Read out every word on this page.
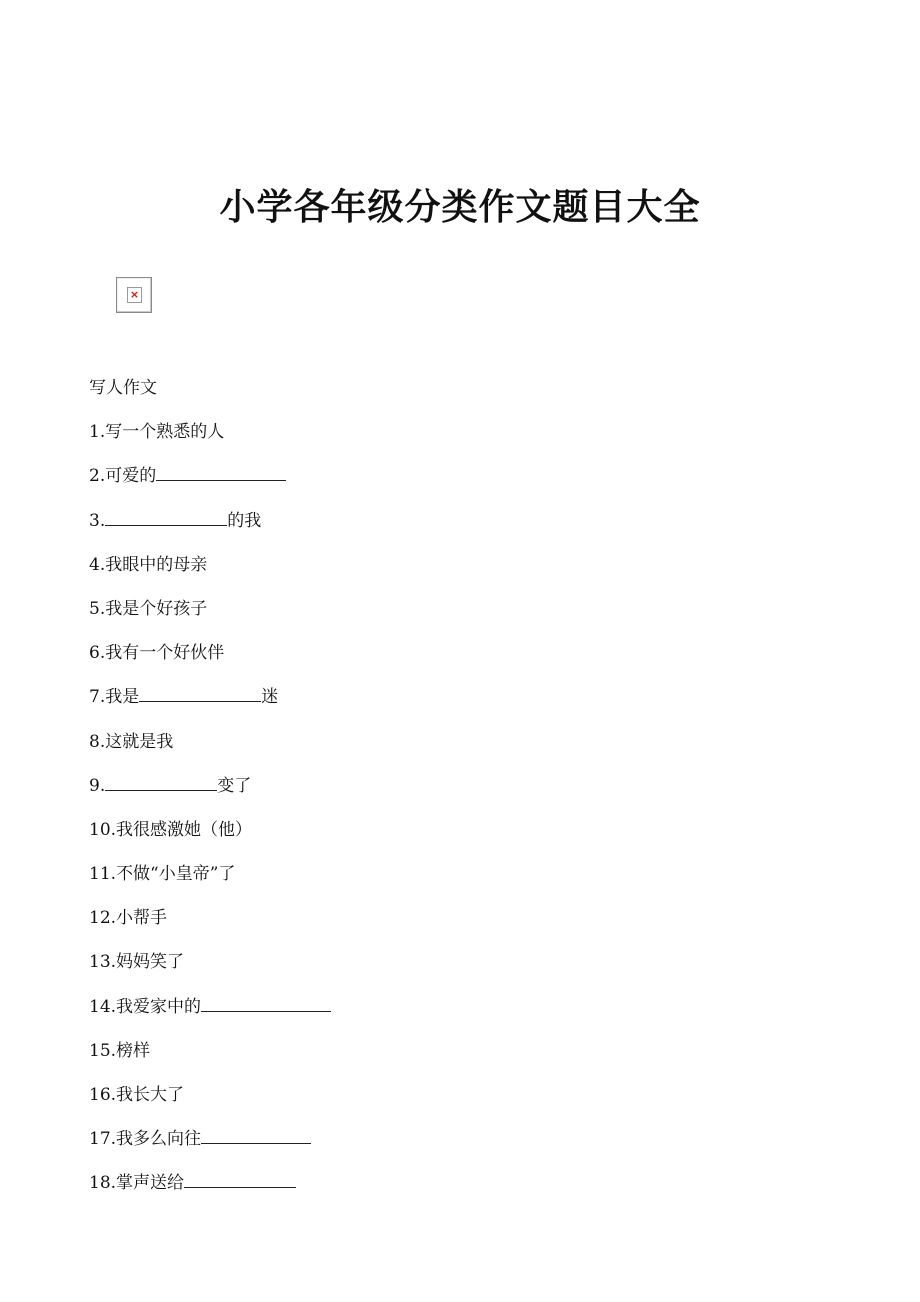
小学各年级分类作文题目大全
×
写人作文
1.写一个熟悉的人
2.可爱的
3.	的我
4.我眼中的母亲
5.我是个好孩子
6.我有一个好伙伴
7.我是	迷
8.这就是我
9.	变了
10.我很感激她（他）
11.不做“小皇帝”了
12.小帮手
13.妈妈笑了
14.我爱家中的
15.榜样
16.我长大了
17.我多么向往
18.掌声送给
